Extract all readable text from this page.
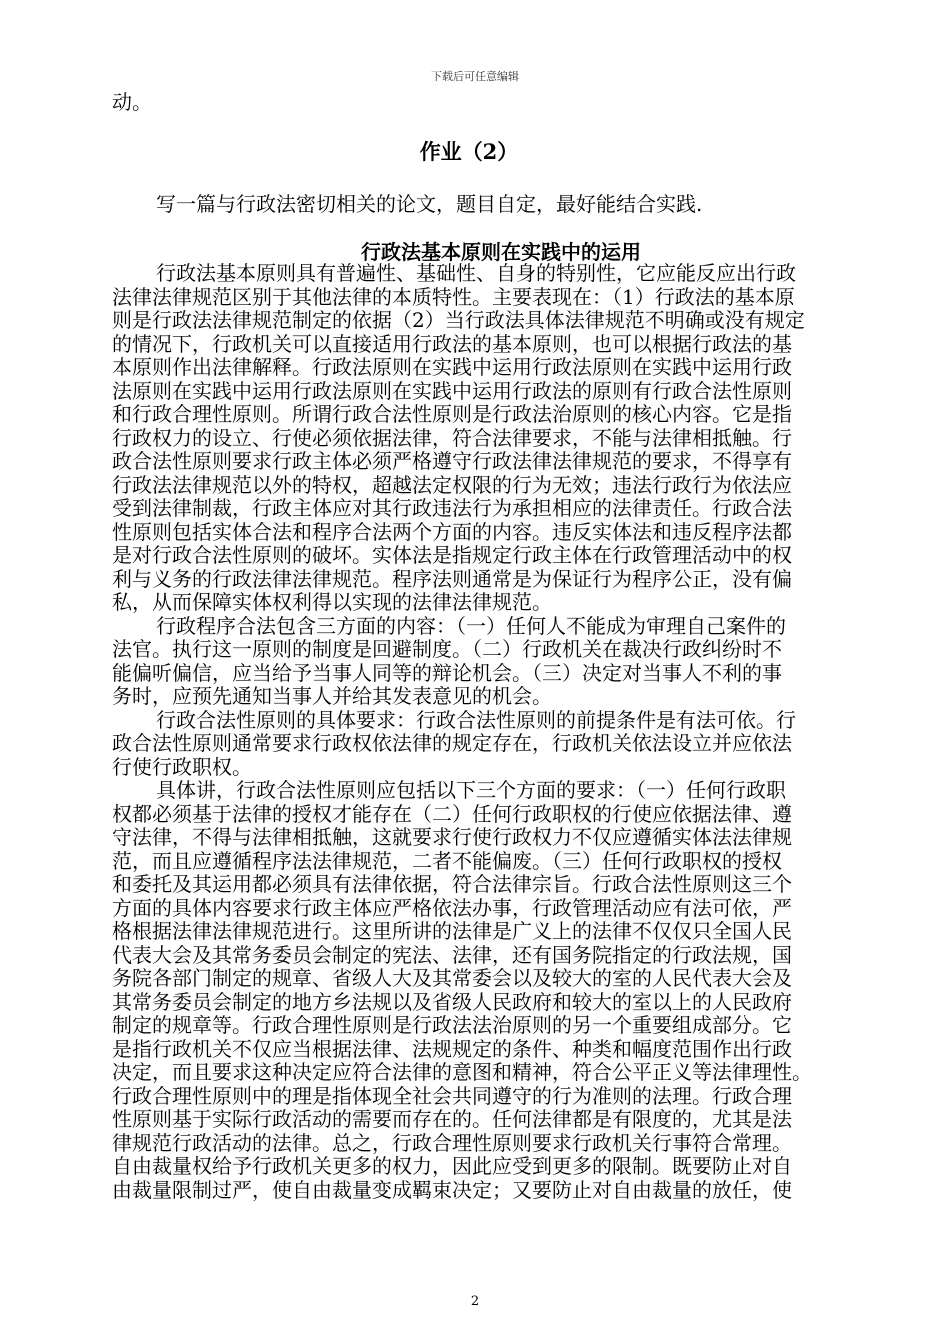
下载后可任意编辑
动。
作业（2）
写一篇与行政法密切相关的论文，题目自定，最好能结合实践.
行政法基本原则在实践中的运用
行政法基本原则具有普遍性、基础性、自身的特别性，它应能反应出行政
法律法律规范区别于其他法律的本质特性。主要表现在：（1）行政法的基本原
则是行政法法律规范制定的依据（2）当行政法具体法律规范不明确或没有规定
的情况下，行政机关可以直接适用行政法的基本原则，也可以根据行政法的基
本原则作出法律解释。行政法原则在实践中运用行政法原则在实践中运用行政
法原则在实践中运用行政法原则在实践中运用行政法的原则有行政合法性原则
和行政合理性原则。所谓行政合法性原则是行政法治原则的核心内容。它是指
行政权力的设立、行使必须依据法律，符合法律要求，不能与法律相抵触。行
政合法性原则要求行政主体必须严格遵守行政法律法律规范的要求，不得享有
行政法法律规范以外的特权，超越法定权限的行为无效；违法行政行为依法应
受到法律制裁，行政主体应对其行政违法行为承担相应的法律责任。行政合法
性原则包括实体合法和程序合法两个方面的内容。违反实体法和违反程序法都
是对行政合法性原则的破坏。实体法是指规定行政主体在行政管理活动中的权
利与义务的行政法律法律规范。程序法则通常是为保证行为程序公正，没有偏
私，从而保障实体权利得以实现的法律法律规范。
行政程序合法包含三方面的内容：（一）任何人不能成为审理自己案件的
法官。执行这一原则的制度是回避制度。（二）行政机关在裁决行政纠纷时不
能偏听偏信，应当给予当事人同等的辩论机会。（三）决定对当事人不利的事
务时，应预先通知当事人并给其发表意见的机会。
行政合法性原则的具体要求：行政合法性原则的前提条件是有法可依。行
政合法性原则通常要求行政权依法律的规定存在，行政机关依法设立并应依法
行使行政职权。
具体讲，行政合法性原则应包括以下三个方面的要求：（一）任何行政职
权都必须基于法律的授权才能存在（二）任何行政职权的行使应依据法律、遵
守法律，不得与法律相抵触，这就要求行使行政权力不仅应遵循实体法法律规
范，而且应遵循程序法法律规范，二者不能偏废。（三）任何行政职权的授权
和委托及其运用都必须具有法律依据，符合法律宗旨。行政合法性原则这三个
方面的具体内容要求行政主体应严格依法办事，行政管理活动应有法可依，严
格根据法律法律规范进行。这里所讲的法律是广义上的法律不仅仅只全国人民
代表大会及其常务委员会制定的宪法、法律，还有国务院指定的行政法规，国
务院各部门制定的规章、省级人大及其常委会以及较大的室的人民代表大会及
其常务委员会制定的地方乡法规以及省级人民政府和较大的室以上的人民政府
制定的规章等。行政合理性原则是行政法法治原则的另一个重要组成部分。它
是指行政机关不仅应当根据法律、法规规定的条件、种类和幅度范围作出行政
决定，而且要求这种决定应符合法律的意图和精神，符合公平正义等法律理性。
行政合理性原则中的理是指体现全社会共同遵守的行为准则的法理。行政合理
性原则基于实际行政活动的需要而存在的。任何法律都是有限度的，尤其是法
律规范行政活动的法律。总之，行政合理性原则要求行政机关行事符合常理。
自由裁量权给予行政机关更多的权力，因此应受到更多的限制。既要防止对自
由裁量限制过严，使自由裁量变成羁束决定；又要防止对自由裁量的放任，使
2
